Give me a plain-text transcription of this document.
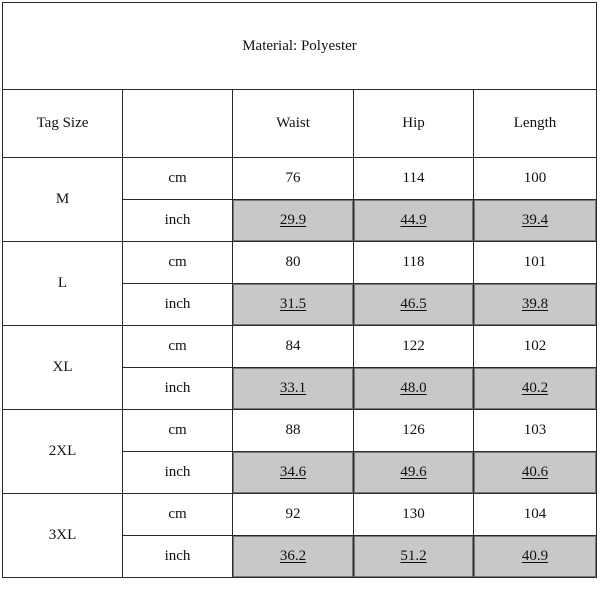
Material: Polyester				
Tag Size		Waist	Hip	Length
M	cm	76	114	100
	inch	29.9	44.9	39.4
L	cm	80	118	101
	inch	31.5	46.5	39.8
XL	cm	84	122	102
	inch	33.1	48.0	40.2
2XL	cm	88	126	103
	inch	34.6	49.6	40.6
3XL	cm	92	130	104
	inch	36.2	51.2	40.9
